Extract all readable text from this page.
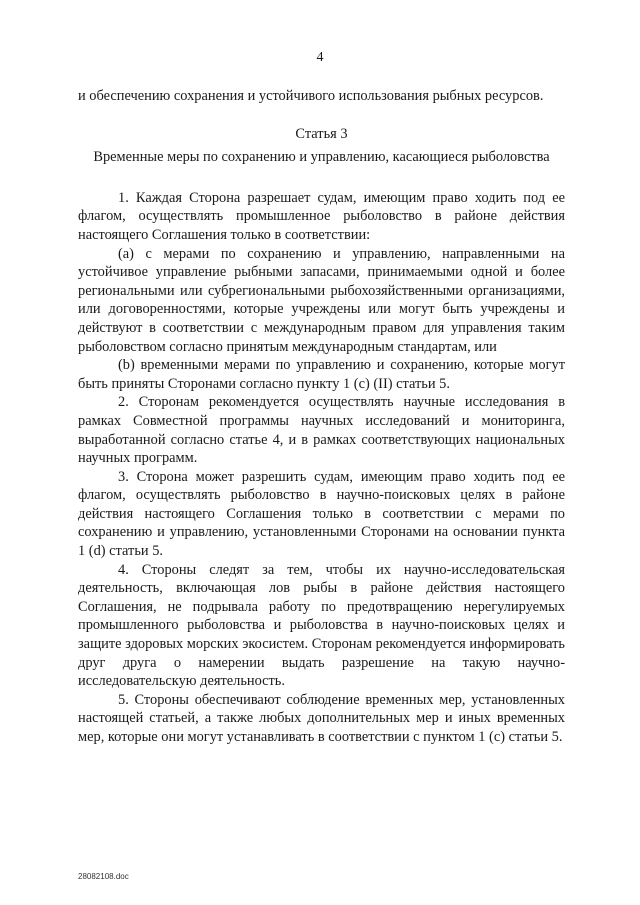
4

и обеспечению сохранения и устойчивого использования рыбных ресурсов.

Статья 3

Временные меры по сохранению и управлению, касающиеся рыболовства

1. Каждая Сторона разрешает судам, имеющим право ходить под ее флагом, осуществлять промышленное рыболовство в районе действия настоящего Соглашения только в соответствии:

(а) с мерами по сохранению и управлению, направленными на устойчивое управление рыбными запасами, принимаемыми одной и более региональными или субрегиональными рыбохозяйственными организациями, или договоренностями, которые учреждены или могут быть учреждены и действуют в соответствии с международным правом для управления таким рыболовством согласно принятым международным стандартам, или

(b) временными мерами по управлению и сохранению, которые могут быть приняты Сторонами согласно пункту 1 (с) (II) статьи 5.

2. Сторонам рекомендуется осуществлять научные исследования в рамках Совместной программы научных исследований и мониторинга, выработанной согласно статье 4, и в рамках соответствующих национальных научных программ.

3. Сторона может разрешить судам, имеющим право ходить под ее флагом, осуществлять рыболовство в научно-поисковых целях в районе действия настоящего Соглашения только в соответствии с мерами по сохранению и управлению, установленными Сторонами на основании пункта 1 (d) статьи 5.

4. Стороны следят за тем, чтобы их научно-исследовательская деятельность, включающая лов рыбы в районе действия настоящего Соглашения, не подрывала работу по предотвращению нерегулируемых промышленного рыболовства и рыболовства в научно-поисковых целях и защите здоровых морских экосистем. Сторонам рекомендуется информировать друг друга о намерении выдать разрешение на такую научно-исследовательскую деятельность.

5. Стороны обеспечивают соблюдение временных мер, установленных настоящей статьей, а также любых дополнительных мер и иных временных мер, которые они могут устанавливать в соответствии с пунктом 1 (с) статьи 5.

28082108.doc
